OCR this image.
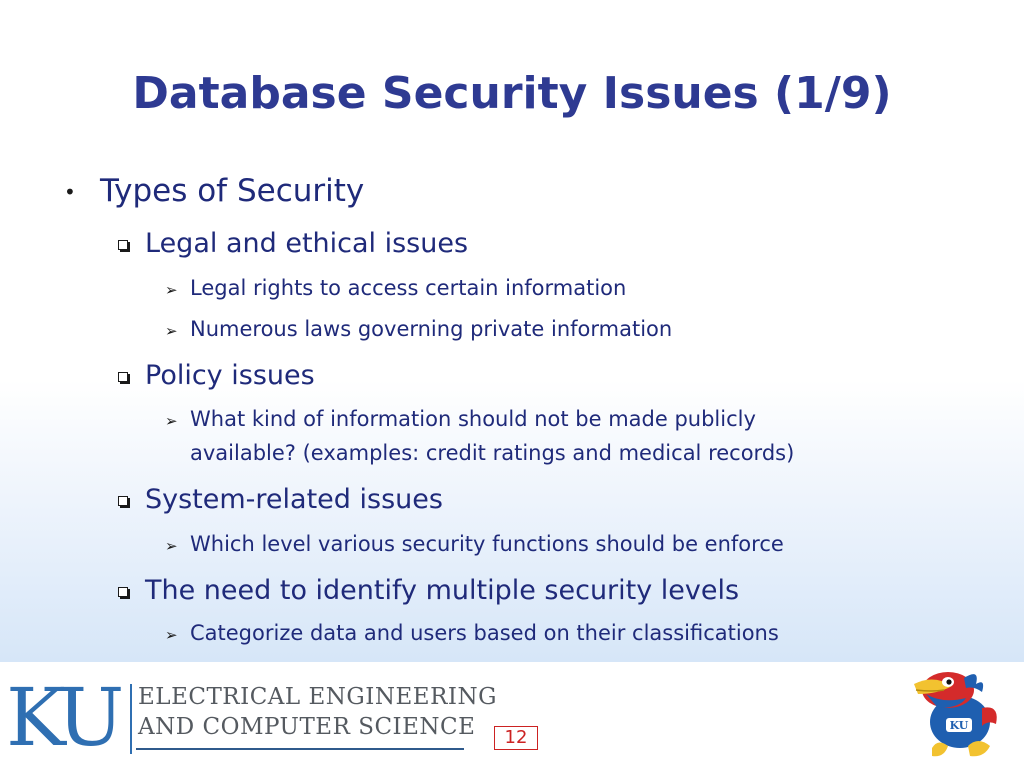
Database Security Issues (1/9)
• Types of Security
Legal and ethical issues
➢ Legal rights to access certain information
➢ Numerous laws governing private information
Policy issues
➢ What kind of information should not be made publicly
available? (examples: credit ratings and medical records)
System-related issues
➢ Which level various security functions should be enforce
The need to identify multiple security levels
➢ Categorize data and users based on their classifications
KU ELECTRICAL ENGINEERING
AND COMPUTER SCIENCE	12
KU
